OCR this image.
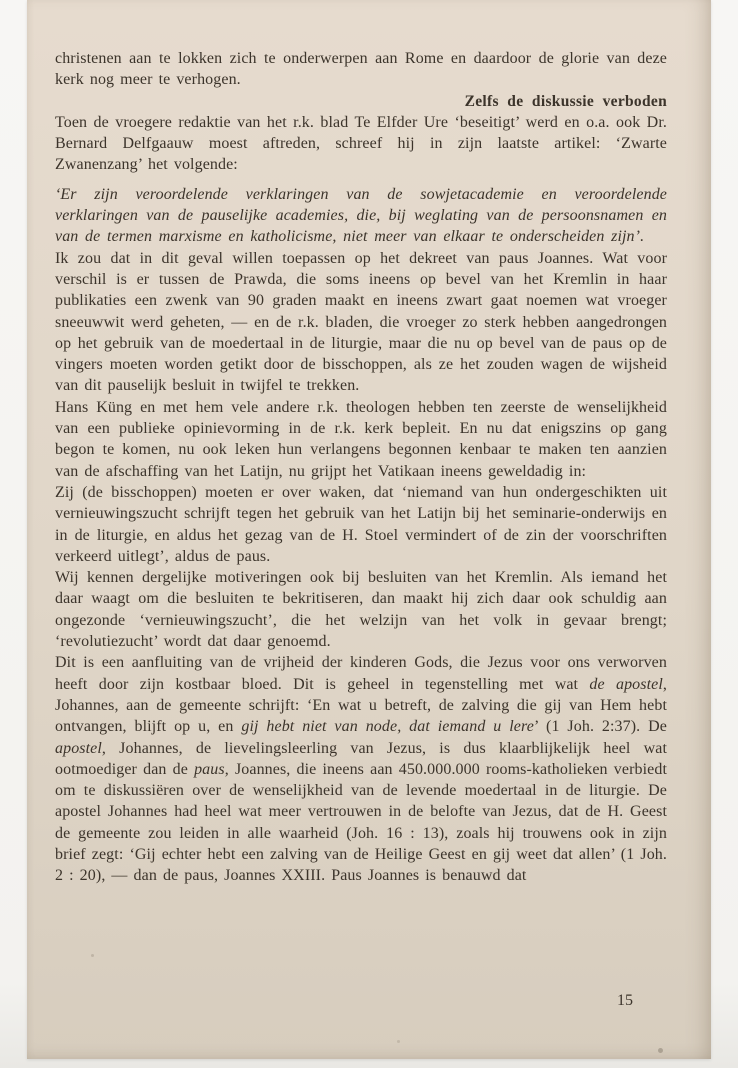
christenen aan te lokken zich te onderwerpen aan Rome en daardoor de glorie van deze kerk nog meer te verhogen.

Zelfs de diskussie verboden

Toen de vroegere redaktie van het r.k. blad Te Elfder Ure ‘beseitigt’ werd en o.a. ook Dr. Bernard Delfgaauw moest aftreden, schreef hij in zijn laatste artikel: ‘Zwarte Zwanenzang’ het volgende:

‘Er zijn veroordelende verklaringen van de sowjetacademie en veroordelende verklaringen van de pauselijke academies, die, bij weglating van de persoonsnamen en van de termen marxisme en katholicisme, niet meer van elkaar te onderscheiden zijn’.

Ik zou dat in dit geval willen toepassen op het dekreet van paus Joannes. Wat voor verschil is er tussen de Prawda, die soms ineens op bevel van het Kremlin in haar publikaties een zwenk van 90 graden maakt en ineens zwart gaat noemen wat vroeger sneeuwwit werd geheten, — en de r.k. bladen, die vroeger zo sterk hebben aangedrongen op het gebruik van de moedertaal in de liturgie, maar die nu op bevel van de paus op de vingers moeten worden getikt door de bisschoppen, als ze het zouden wagen de wijsheid van dit pauselijk besluit in twijfel te trekken.

Hans Küng en met hem vele andere r.k. theologen hebben ten zeerste de wenselijkheid van een publieke opinievorming in de r.k. kerk bepleit. En nu dat enigszins op gang begon te komen, nu ook leken hun verlangens begonnen kenbaar te maken ten aanzien van de afschaffing van het Latijn, nu grijpt het Vatikaan ineens geweldadig in:

Zij (de bisschoppen) moeten er over waken, dat ‘niemand van hun ondergeschikten uit vernieuwingszucht schrijft tegen het gebruik van het Latijn bij het seminarie-onderwijs en in de liturgie, en aldus het gezag van de H. Stoel vermindert of de zin der voorschriften verkeerd uitlegt’, aldus de paus.

Wij kennen dergelijke motiveringen ook bij besluiten van het Kremlin. Als iemand het daar waagt om die besluiten te bekritiseren, dan maakt hij zich daar ook schuldig aan ongezonde ‘vernieuwingszucht’, die het welzijn van het volk in gevaar brengt; ‘revolutiezucht’ wordt dat daar genoemd.

Dit is een aanfluiting van de vrijheid der kinderen Gods, die Jezus voor ons verworven heeft door zijn kostbaar bloed. Dit is geheel in tegenstelling met wat de apostel, Johannes, aan de gemeente schrijft: ‘En wat u betreft, de zalving die gij van Hem hebt ontvangen, blijft op u, en gij hebt niet van node, dat iemand u lere’ (1 Joh. 2:37). De apostel, Johannes, de lievelingsleerling van Jezus, is dus klaarblijkelijk heel wat ootmoediger dan de paus, Joannes, die ineens aan 450.000.000 rooms-katholieken verbiedt om te diskussiëren over de wenselijkheid van de levende moedertaal in de liturgie. De apostel Johannes had heel wat meer vertrouwen in de belofte van Jezus, dat de H. Geest de gemeente zou leiden in alle waarheid (Joh. 16 : 13), zoals hij trouwens ook in zijn brief zegt: ‘Gij echter hebt een zalving van de Heilige Geest en gij weet dat allen’ (1 Joh. 2 : 20), — dan de paus, Joannes XXIII. Paus Joannes is benauwd dat

15
